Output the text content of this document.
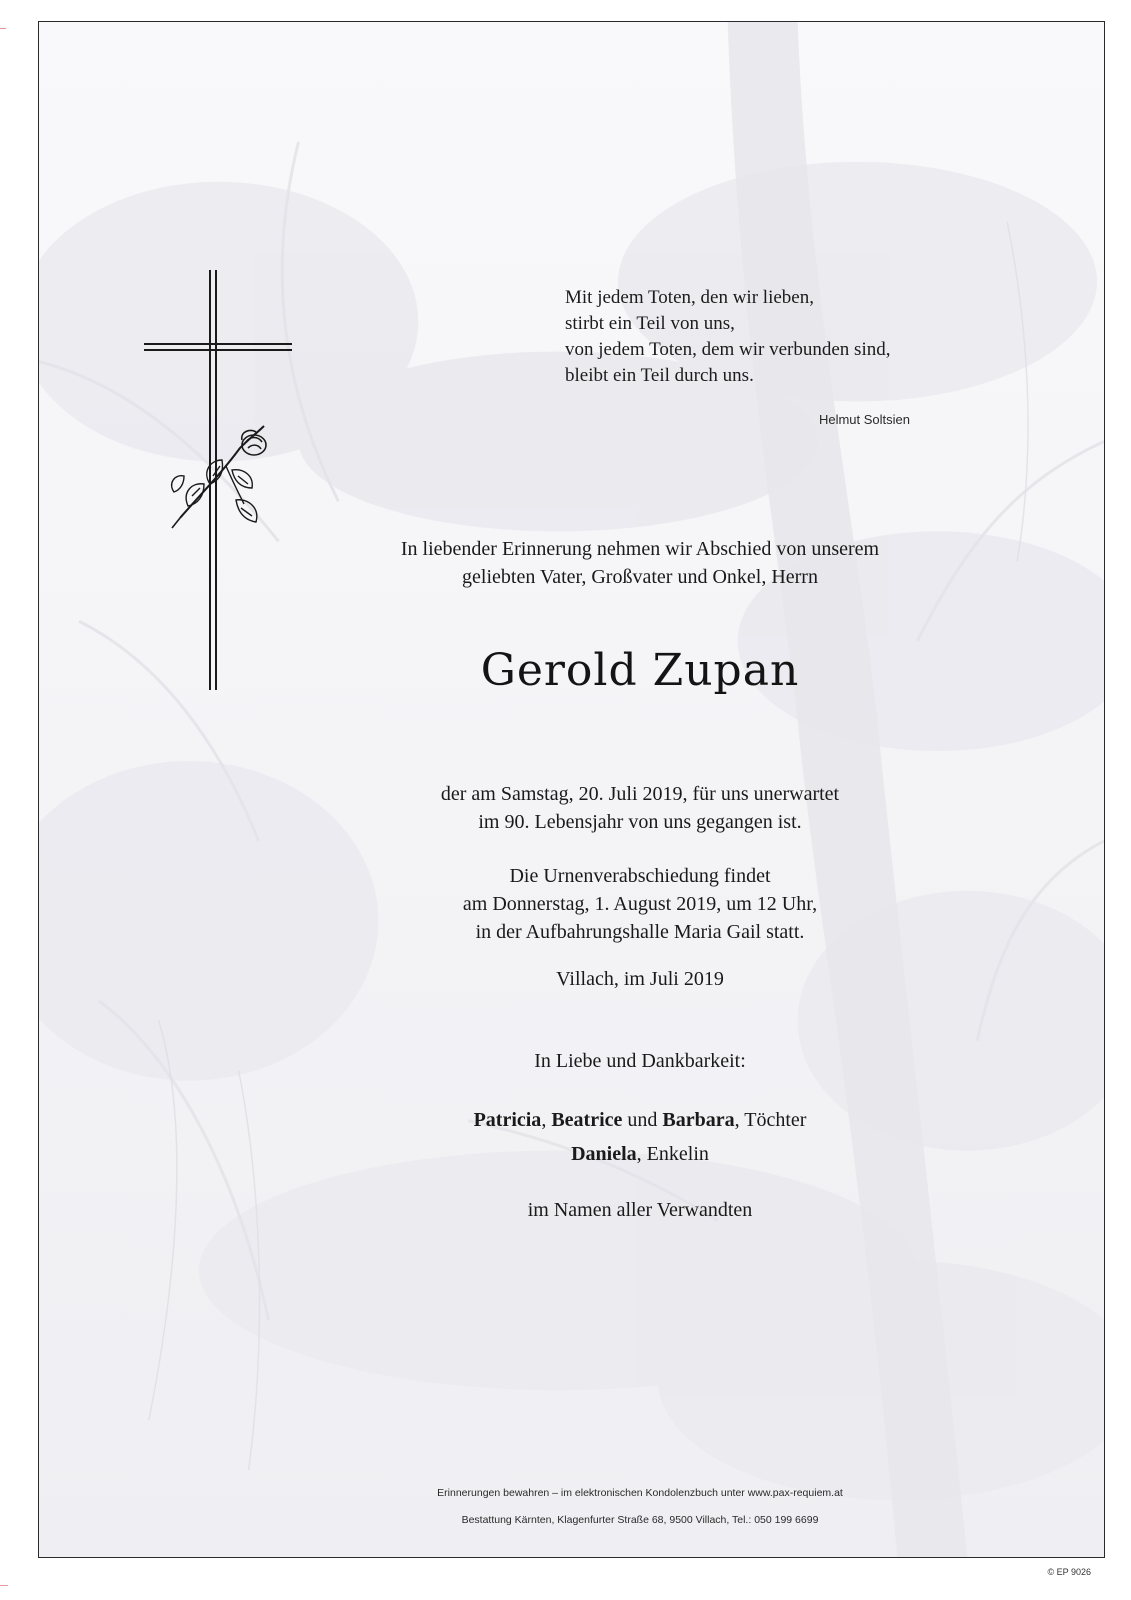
Mit jedem Toten, den wir lieben,
stirbt ein Teil von uns,
von jedem Toten, dem wir verbunden sind,
bleibt ein Teil durch uns.
Helmut Soltsien
In liebender Erinnerung nehmen wir Abschied von unserem
geliebten Vater, Großvater und Onkel, Herrn
Gerold Zupan
der am Samstag, 20. Juli 2019, für uns unerwartet
im 90. Lebensjahr von uns gegangen ist.
Die Urnenverabschiedung findet
am Donnerstag, 1. August 2019, um 12 Uhr,
in der Aufbahrungshalle Maria Gail statt.
Villach, im Juli 2019
In Liebe und Dankbarkeit:
Patricia, Beatrice und Barbara, Töchter
Daniela, Enkelin
im Namen aller Verwandten
Erinnerungen bewahren – im elektronischen Kondolenzbuch unter www.pax-requiem.at
Bestattung Kärnten, Klagenfurter Straße 68, 9500 Villach, Tel.: 050 199 6699
© EP 9026
